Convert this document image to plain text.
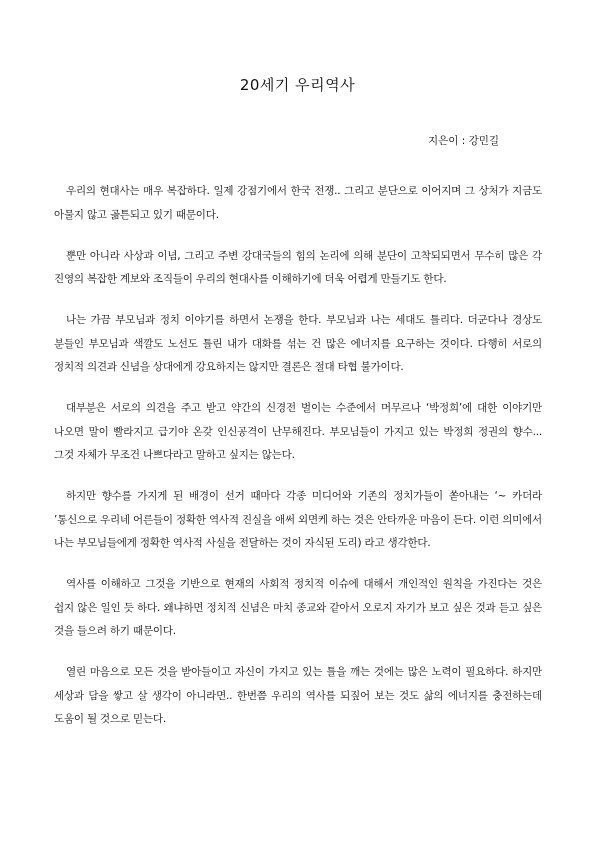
20세기 우리역사

지은이 : 강민길

우리의 현대사는 매우 복잡하다. 일제 강점기에서 한국 전쟁.. 그리고 분단으로 이어지며 그 상처가 지금도 아물지 않고 곪튼되고 있기 때문이다.

뿐만 아니라 사상과 이념, 그리고 주변 강대국들의 힘의 논리에 의해 분단이 고착되되면서 무수히 많은 각 진영의 복잡한 계보와 조직들이 우리의 현대사를 이해하기에 더욱 어렵게 만들기도 한다.

나는 가끔 부모님과 정치 이야기를 하면서 논쟁을 한다. 부모님과 나는 세대도 틀리다. 더군다나 경상도 분들인 부모님과 색깔도 노선도 틀린 내가 대화를 섞는 건 많은 에너지를 요구하는 것이다. 다행히 서로의 정치적 의견과 신념을 상대에게 강요하지는 않지만 결론은 절대 타협 불가이다.

대부분은 서로의 의견을 주고 받고 약간의 신경전 벌이는 수준에서 머무르나 ‘박정희’에 대한 이야기만 나오면 말이 빨라지고 급기야 온갖 인신공격이 난무해진다. 부모님들이 가지고 있는 박정희 정권의 향수... 그것 자체가 무조건 나쁘다라고 말하고 싶지는 않는다.

하지만 향수를 가지게 된 배경이 선거 때마다 각종 미디어와 기존의 정치가들이 쏟아내는 ‘~ 카더라 ’통신으로 우리네 어른들이 정확한 역사적 진실을 애써 외면케 하는 것은 안타까운 마음이 든다. 이런 의미에서 나는 부모님들에게 정확한 역사적 사실을 전달하는 것이 자식된 도리) 라고 생각한다.

역사를 이해하고 그것을 기반으로 현재의 사회적 정치적 이슈에 대해서 개인적인 원칙을 가진다는 것은 쉽지 않은 일인 듯 하다. 왜냐하면 정치적 신념은 마치 종교와 같아서 오로지 자기가 보고 싶은 것과 듣고 싶은 것을 들으려 하기 때문이다.

열린 마음으로 모든 것을 받아들이고 자신이 가지고 있는 틀을 깨는 것에는 많은 노력이 필요하다. 하지만 세상과 담을 쌓고 살 생각이 아니라면.. 한번쯤 우리의 역사를 되짚어 보는 것도 삶의 에너지를 충전하는데 도움이 될 것으로 믿는다.
